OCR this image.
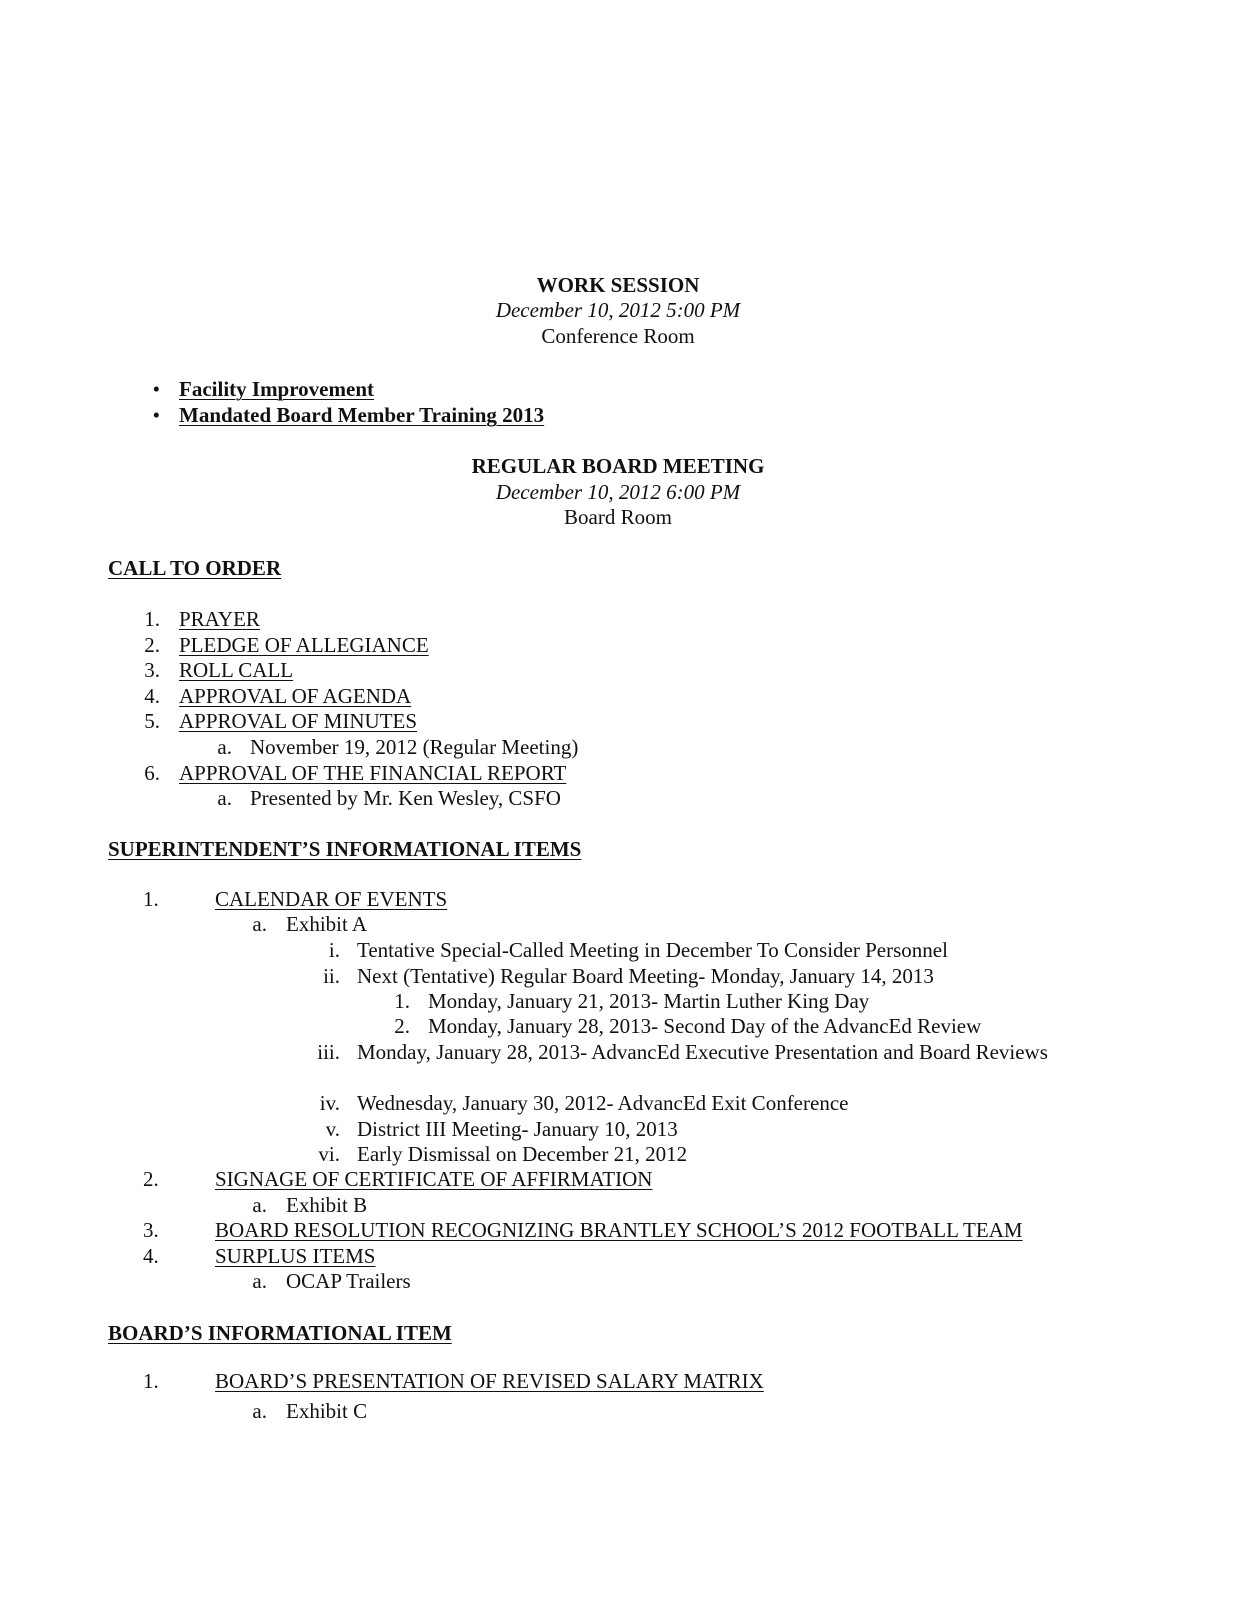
WORK SESSION
December 10, 2012 5:00 PM
Conference Room
• Facility Improvement
• Mandated Board Member Training 2013
REGULAR BOARD MEETING
December 10, 2012 6:00 PM
Board Room
CALL TO ORDER
1. PRAYER
2. PLEDGE OF ALLEGIANCE
3. ROLL CALL
4. APPROVAL OF AGENDA
5. APPROVAL OF MINUTES
a. November 19, 2012 (Regular Meeting)
6. APPROVAL OF THE FINANCIAL REPORT
a. Presented by Mr. Ken Wesley, CSFO
SUPERINTENDENT’S INFORMATIONAL ITEMS
1.	CALENDAR OF EVENTS
a. Exhibit A
i. Tentative Special-Called Meeting in December To Consider Personnel
ii. Next (Tentative) Regular Board Meeting- Monday, January 14, 2013
1. Monday, January 21, 2013- Martin Luther King Day
2. Monday, January 28, 2013- Second Day of the AdvancEd Review
iii. Monday, January 28, 2013- AdvancEd Executive Presentation and Board Reviews
iv. Wednesday, January 30, 2012- AdvancEd Exit Conference
v. District III Meeting- January 10, 2013
vi. Early Dismissal on December 21, 2012
2.	SIGNAGE OF CERTIFICATE OF AFFIRMATION
a. Exhibit B
3.	BOARD RESOLUTION RECOGNIZING BRANTLEY SCHOOL’S 2012 FOOTBALL TEAM
4.	SURPLUS ITEMS
a. OCAP Trailers
BOARD’S INFORMATIONAL ITEM
1.	BOARD’S PRESENTATION OF REVISED SALARY MATRIX
a. Exhibit C
